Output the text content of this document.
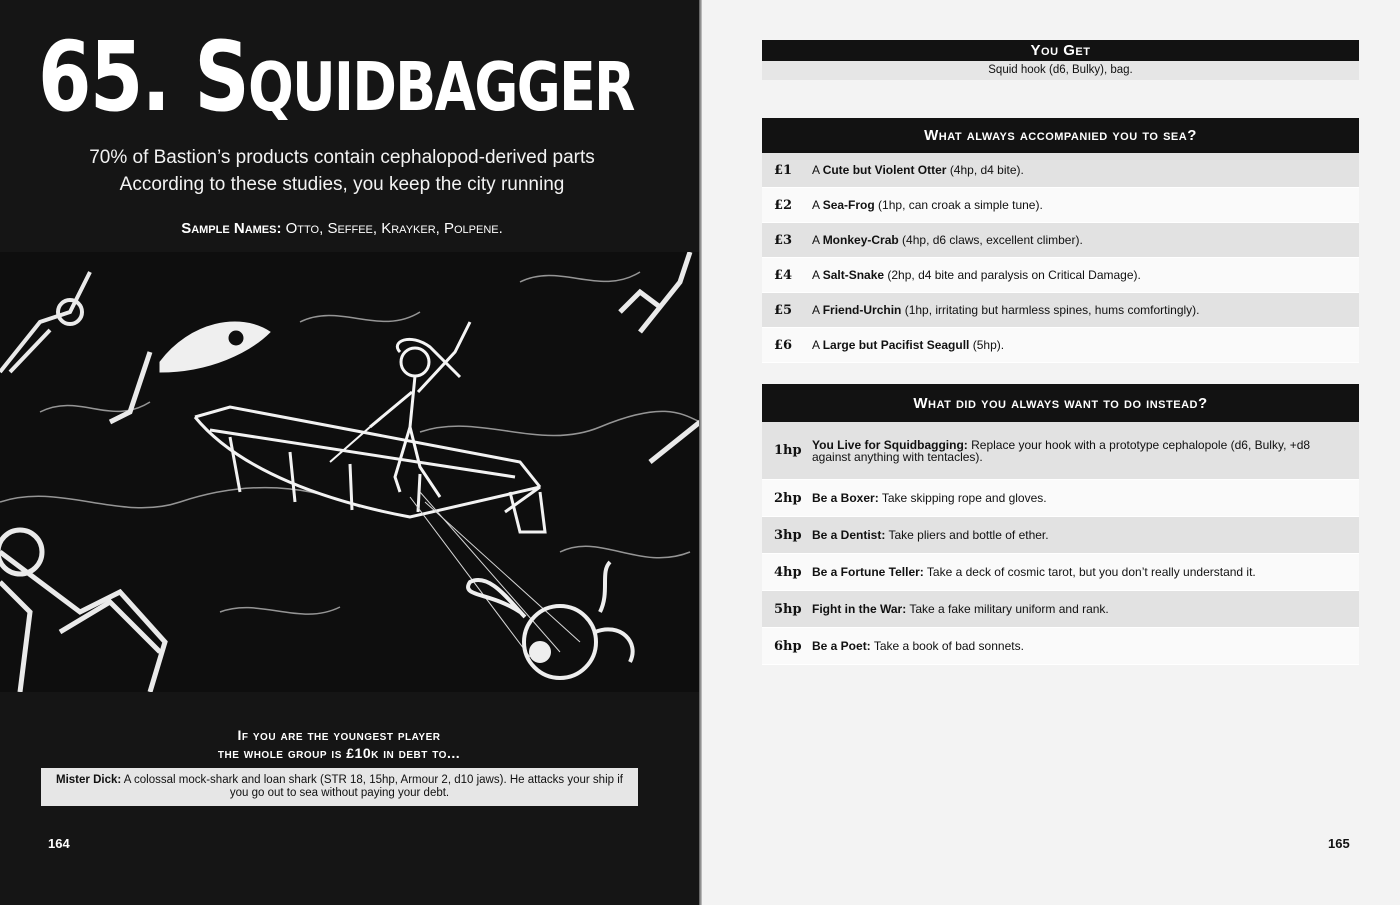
65. Squidbagger
70% of Bastion’s products contain cephalopod-derived parts
According to these studies, you keep the city running
Sample Names: Otto, Seffee, Krayker, Polpene.
If you are the youngest player
the whole group is £10k in debt to...
Mister Dick: A colossal mock-shark and loan shark (STR 18, 15hp, Armour 2, d10 jaws). He attacks your ship if you go out to sea without paying your debt.
164
You Get
Squid hook (d6, Bulky), bag.
What always accompanied you to sea?
£1	A Cute but Violent Otter (4hp, d4 bite).
£2	A Sea-Frog (1hp, can croak a simple tune).
£3	A Monkey-Crab (4hp, d6 claws, excellent climber).
£4	A Salt-Snake (2hp, d4 bite and paralysis on Critical Damage).
£5	A Friend-Urchin (1hp, irritating but harmless spines, hums comfortingly).
£6	A Large but Pacifist Seagull (5hp).
What did you always want to do instead?
1hp You Live for Squidbagging: Replace your hook with a prototype cephalopole (d6, Bulky, +d8 against anything with tentacles).
2hp Be a Boxer: Take skipping rope and gloves.
3hp Be a Dentist: Take pliers and bottle of ether.
4hp Be a Fortune Teller: Take a deck of cosmic tarot, but you don’t really understand it.
5hp Fight in the War: Take a fake military uniform and rank.
6hp Be a Poet: Take a book of bad sonnets.
165
